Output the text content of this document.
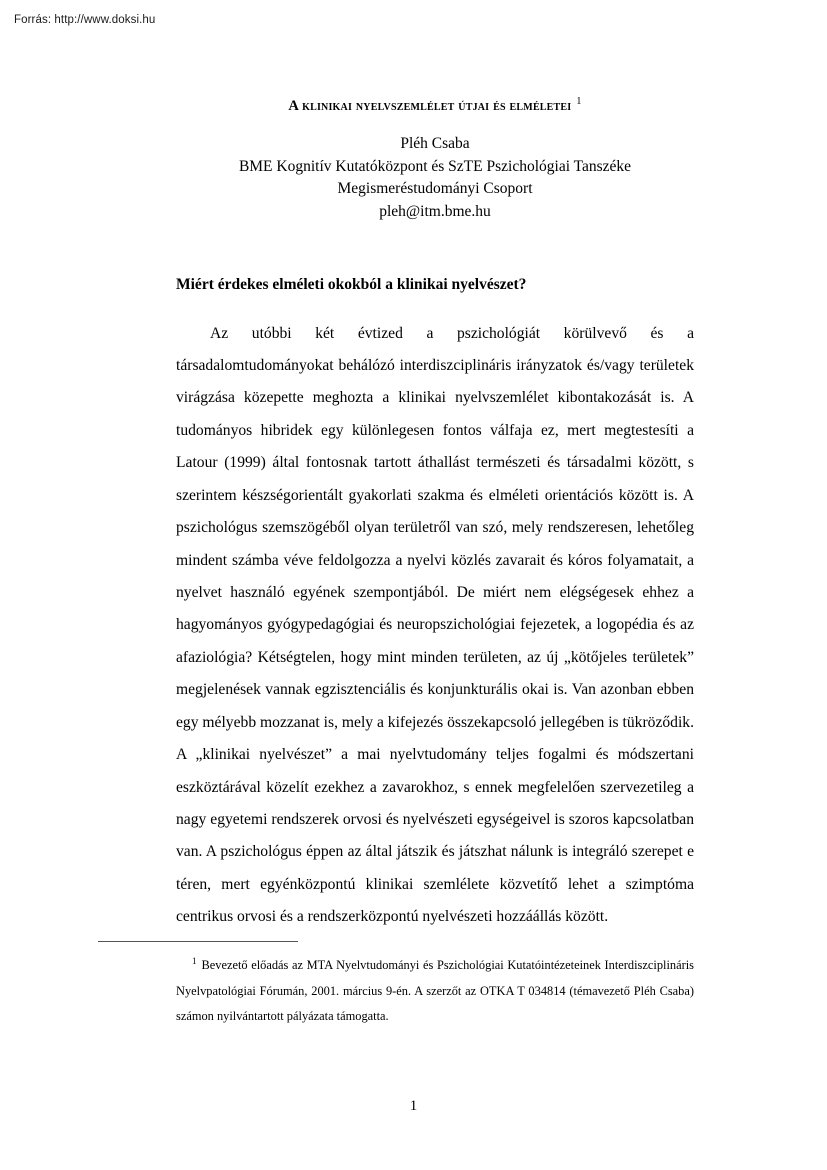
Forrás: http://www.doksi.hu
A klinikai nyelvszemlélet útjai és elméletei $^1$
Pléh Csaba
BME Kognitív Kutatóközpont és SzTE Pszichológiai Tanszéke
Megismeréstudományi Csoport
pleh@itm.bme.hu
Miért érdekes elméleti okokból a klinikai nyelvészet?

Az utóbbi két évtized a pszichológiát körülvevő és a társadalomtudományokat behálózó interdiszciplináris irányzatok és/vagy területek virágzása közepette meghozta a klinikai nyelvszemlélet kibontakozását is. A tudományos hibridek egy különlegesen fontos válfaja ez, mert megtestesíti a Latour (1999) által fontosnak tartott áthallást természeti és társadalmi között, s szerintem készségorientált gyakorlati szakma és elméleti orientációs között is. A pszichológus szemszögéből olyan területről van szó, mely rendszeresen, lehetőleg mindent számba véve feldolgozza a nyelvi közlés zavarait és kóros folyamatait, a nyelvet használó egyének szempontjából. De miért nem elégségesek ehhez a hagyományos gyógypedagógiai és neuropszichológiai fejezetek, a logopédia és az afaziológia? Kétségtelen, hogy mint minden területen, az új „kötőjeles területek” megjelenések vannak egzisztenciális és konjunkturális okai is. Van azonban ebben egy mélyebb mozzanat is, mely a kifejezés összekapcsoló jellegében is tükröződik. A „klinikai nyelvészet” a mai nyelvtudomány teljes fogalmi és módszertani eszköztárával közelít ezekhez a zavarokhoz, s ennek megfelelően szervezetileg a nagy egyetemi rendszerek orvosi és nyelvészeti egységeivel is szoros kapcsolatban van. A pszichológus éppen az által játszik és játszhat nálunk is integráló szerepet e téren, mert egyénközpontú klinikai szemlélete közvetítő lehet a szimptóma centrikus orvosi és a rendszerközpontú nyelvészeti hozzáállás között.

$^1$ Bevezető előadás az MTA Nyelvtudományi és Pszichológiai Kutatóintézeteinek Interdiszciplináris Nyelvpatológiai Fórumán, 2001. március 9-én. A szerzőt az OTKA T 034814 (témavezető Pléh Csaba) számon nyilvántartott pályázata támogatta.

1
